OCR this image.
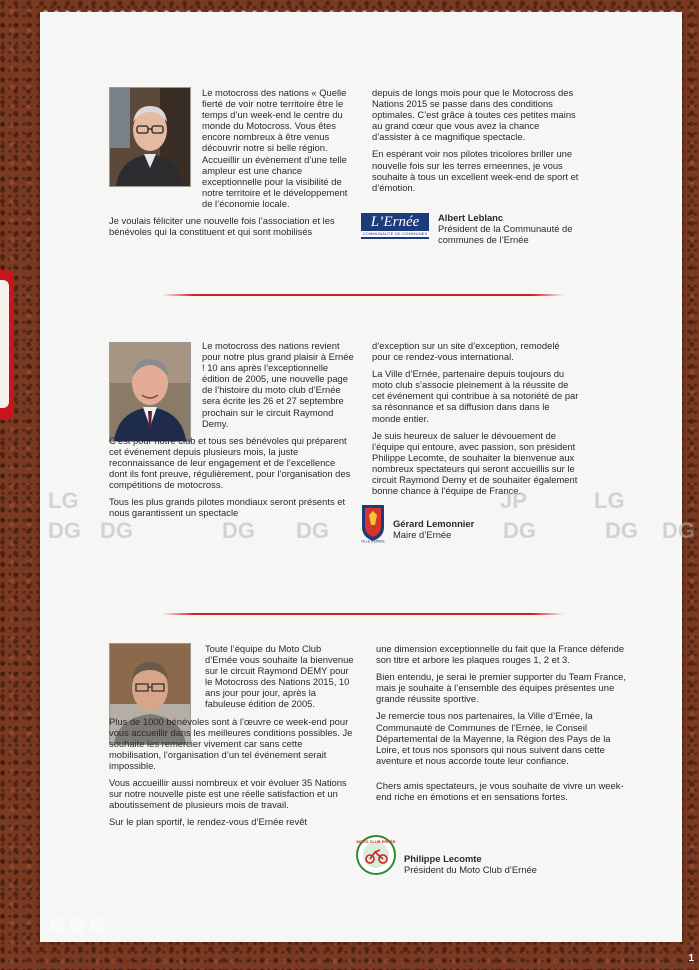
Le motocross des nations « Quelle fierté de voir notre territoire être le temps d’un week-end le centre du monde du Motocross. Vous êtes encore nombreux à être venus découvrir notre si belle région. Accueillir un évènement d’une telle ampleur est une chance exceptionnelle pour la visibilité de notre territoire et le développement de l’économie locale.

Je voulais féliciter une nouvelle fois l’association et les bénévoles qui la constituent et qui sont mobilisés

depuis de longs mois pour que le Motocross des Nations 2015 se passe dans des conditions optimales. C’est grâce à toutes ces petites mains au grand cœur que vous avez la chance d’assister à ce magnifique spectacle.

En espérant voir nos pilotes tricolores briller une nouvelle fois sur les terres erneennes, je vous souhaite à tous un excellent week-end de sport et d’émotion.

L’Ernée
COMMUNAUTÉ DE COMMUNES
Albert Leblanc
Président de la Communauté de communes de l’Ernée

Le motocross des nations revient pour notre plus grand plaisir à Ernée ! 10 ans après l’exceptionnelle édition de 2005, une nouvelle page de l’histoire du moto club d’Ernée sera écrite les 26 et 27 septembre prochain sur le circuit Raymond Demy.

C’est pour notre club et tous ses bénévoles qui préparent cet événement depuis plusieurs mois, la juste reconnaissance de leur engagement et de l’excellence dont ils font preuve, régulièrement, pour l’organisation des compétitions de motocross.

Tous les plus grands pilotes mondiaux seront présents et nous garantissent un spectacle

d’exception sur un site d’exception, remodelé pour ce rendez-vous international.

La Ville d’Ernée, partenaire depuis toujours du moto club s’associe pleinement à la réussite de cet événement qui contribue à sa notoriété de par sa résonnance et sa diffusion dans dans le monde entier.

Je suis heureux de saluer le dévouement de l’équipe qui entoure, avec passion, son président Philippe Lecomte, de souhaiter la bienvenue aux nombreux spectateurs qui seront accueillis sur le circuit Raymond Demy et de souhaiter également bonne chance à l’équipe de France.

VILLE D'ERNÉE
Gérard Lemonnier
Maire d’Ernée
LG
DG DG	DG DG
JP
DG
LG
DG DG

Toute l’équipe du Moto Club d’Ernée vous souhaite la bienvenue sur le circuit Raymond DEMY pour le Motocross des Nations 2015, 10 ans jour pour jour, après la fabuleuse édition de 2005.

Plus de 1000 bénévoles sont à l’œuvre ce week-end pour vous accueillir dans les meilleures conditions possibles. Je souhaite les remercier vivement car sans cette mobilisation, l’organisation d’un tel événement serait impossible.

Vous accueillir aussi nombreux et voir évoluer 35 Nations sur notre nouvelle piste est une réelle satisfaction et un aboutissement de plusieurs mois de travail.

Sur le plan sportif, le rendez-vous d’Ernée revêt

une dimension exceptionnelle du fait que la France défende son titre et arbore les plaques rouges 1, 2 et 3.

Bien entendu, je serai le premier supporter du Team France, mais je souhaite à l’ensemble des équipes présentes une grande réussite sportive.

Je remercie tous nos partenaires, la Ville d’Ernée, la Communauté de Communes de l’Ernée, le Conseil Départemental de la Mayenne, la Région des Pays de la Loire, et tous nos sponsors qui nous suivent dans cette aventure et nous accorde toute leur confiance.

Chers amis spectateurs, je vous souhaite de vivre un week-end riche en émotions et en sensations fortes.

MOTO CLUB ERNÉE
Philippe Lecomte
Président du Moto Club d’Ernée
1
